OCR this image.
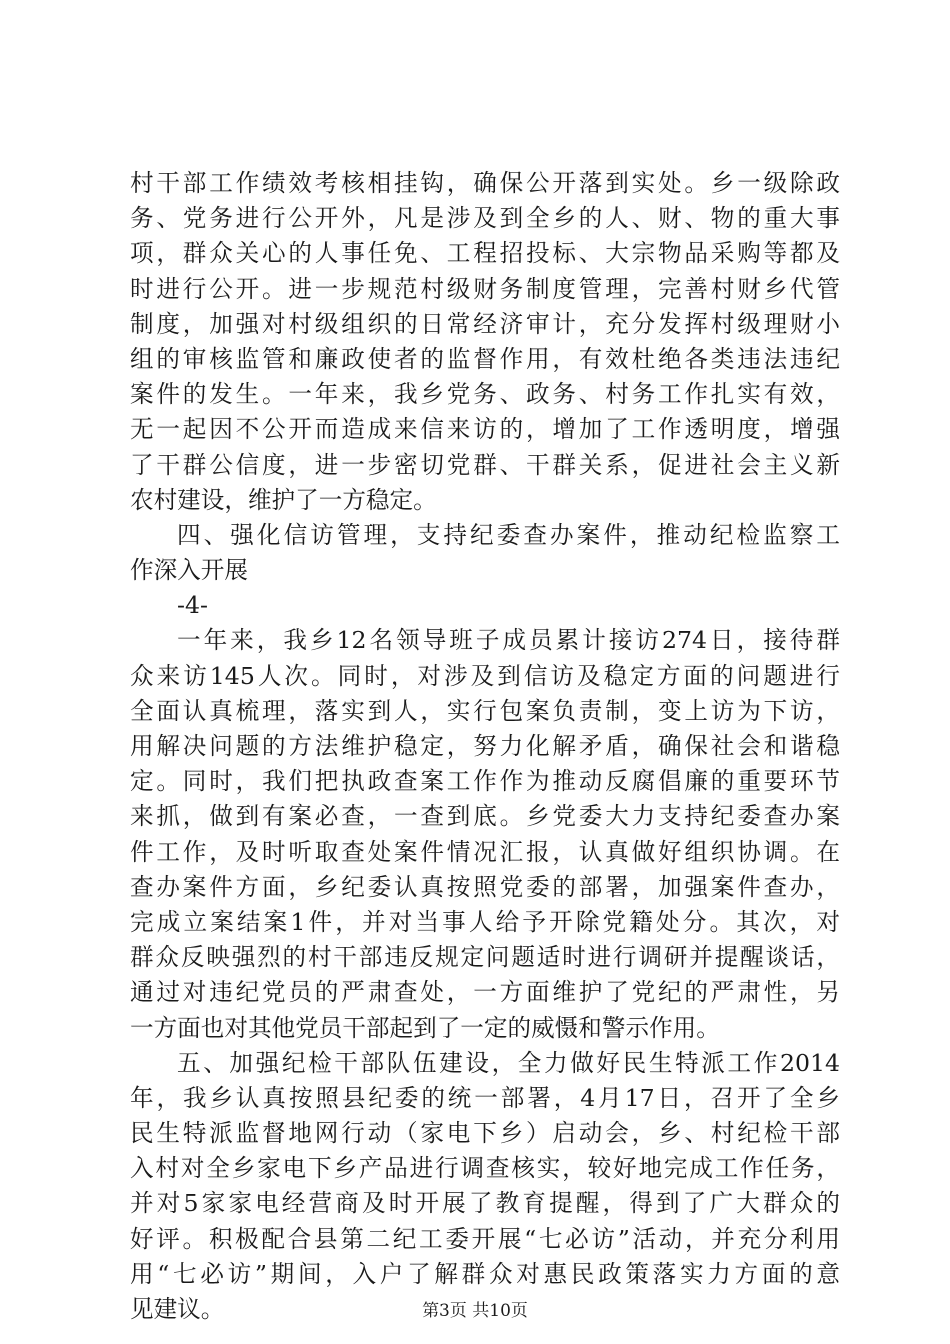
村干部工作绩效考核相挂钩，确保公开落到实处。乡一级除政
务、党务进行公开外，凡是涉及到全乡的人、财、物的重大事
项，群众关心的人事任免、工程招投标、大宗物品采购等都及
时进行公开。进一步规范村级财务制度管理，完善村财乡代管
制度，加强对村级组织的日常经济审计，充分发挥村级理财小
组的审核监管和廉政使者的监督作用，有效杜绝各类违法违纪
案件的发生。一年来，我乡党务、政务、村务工作扎实有效，
无一起因不公开而造成来信来访的，增加了工作透明度，增强
了干群公信度，进一步密切党群、干群关系，促进社会主义新
农村建设，维护了一方稳定。
四、强化信访管理，支持纪委查办案件，推动纪检监察工
作深入开展
-4-
一年来，我乡12名领导班子成员累计接访274日，接待群
众来访145人次。同时，对涉及到信访及稳定方面的问题进行
全面认真梳理，落实到人，实行包案负责制，变上访为下访，
用解决问题的方法维护稳定，努力化解矛盾，确保社会和谐稳
定。同时，我们把执政查案工作作为推动反腐倡廉的重要环节
来抓，做到有案必查，一查到底。乡党委大力支持纪委查办案
件工作，及时听取查处案件情况汇报，认真做好组织协调。在
查办案件方面，乡纪委认真按照党委的部署，加强案件查办，
完成立案结案1件，并对当事人给予开除党籍处分。其次，对
群众反映强烈的村干部违反规定问题适时进行调研并提醒谈话，
通过对违纪党员的严肃查处，一方面维护了党纪的严肃性，另
一方面也对其他党员干部起到了一定的威慑和警示作用。
五、加强纪检干部队伍建设，全力做好民生特派工作2014
年，我乡认真按照县纪委的统一部署，4月17日，召开了全乡
民生特派监督地网行动（家电下乡）启动会，乡、村纪检干部
入村对全乡家电下乡产品进行调查核实，较好地完成工作任务，
并对5家家电经营商及时开展了教育提醒，得到了广大群众的
好评。积极配合县第二纪工委开展“七必访”活动，并充分利用
用“七必访”期间，入户了解群众对惠民政策落实力方面的意
见建议。	第3页 共10页
